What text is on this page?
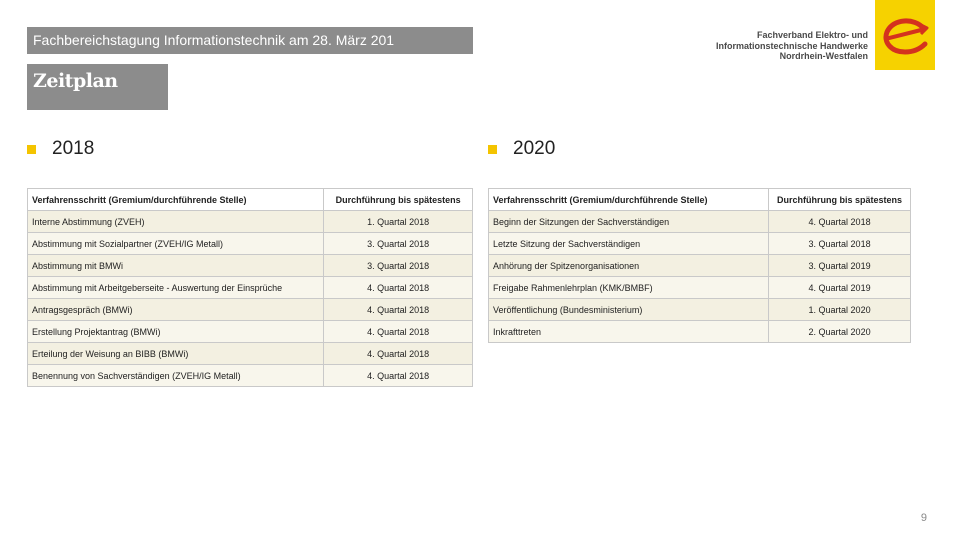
Fachbereichstagung Informationstechnik am 28. März 201
Zeitplan
Fachverband Elektro- und
Informationstechnische Handwerke
Nordrhein-Westfalen
2018	2020
Verfahrensschritt (Gremium/durchführende Stelle)	Durchführung bis spätestens
Interne Abstimmung (ZVEH)	1. Quartal 2018
Abstimmung mit Sozialpartner (ZVEH/IG Metall)	3. Quartal 2018
Abstimmung mit BMWi	3. Quartal 2018
Abstimmung mit Arbeitgeberseite - Auswertung der Einsprüche	4. Quartal 2018
Antragsgespräch (BMWi)	4. Quartal 2018
Erstellung Projektantrag (BMWi)	4. Quartal 2018
Erteilung der Weisung an BIBB (BMWi)	4. Quartal 2018
Benennung von Sachverständigen (ZVEH/IG Metall)	4. Quartal 2018
Verfahrensschritt (Gremium/durchführende Stelle)	Durchführung bis spätestens
Beginn der Sitzungen der Sachverständigen	4. Quartal 2018
Letzte Sitzung der Sachverständigen	3. Quartal 2018
Anhörung der Spitzenorganisationen	3. Quartal 2019
Freigabe Rahmenlehrplan (KMK/BMBF)	4. Quartal 2019
Veröffentlichung (Bundesministerium)	1. Quartal 2020
Inkrafttreten	2. Quartal 2020
9
